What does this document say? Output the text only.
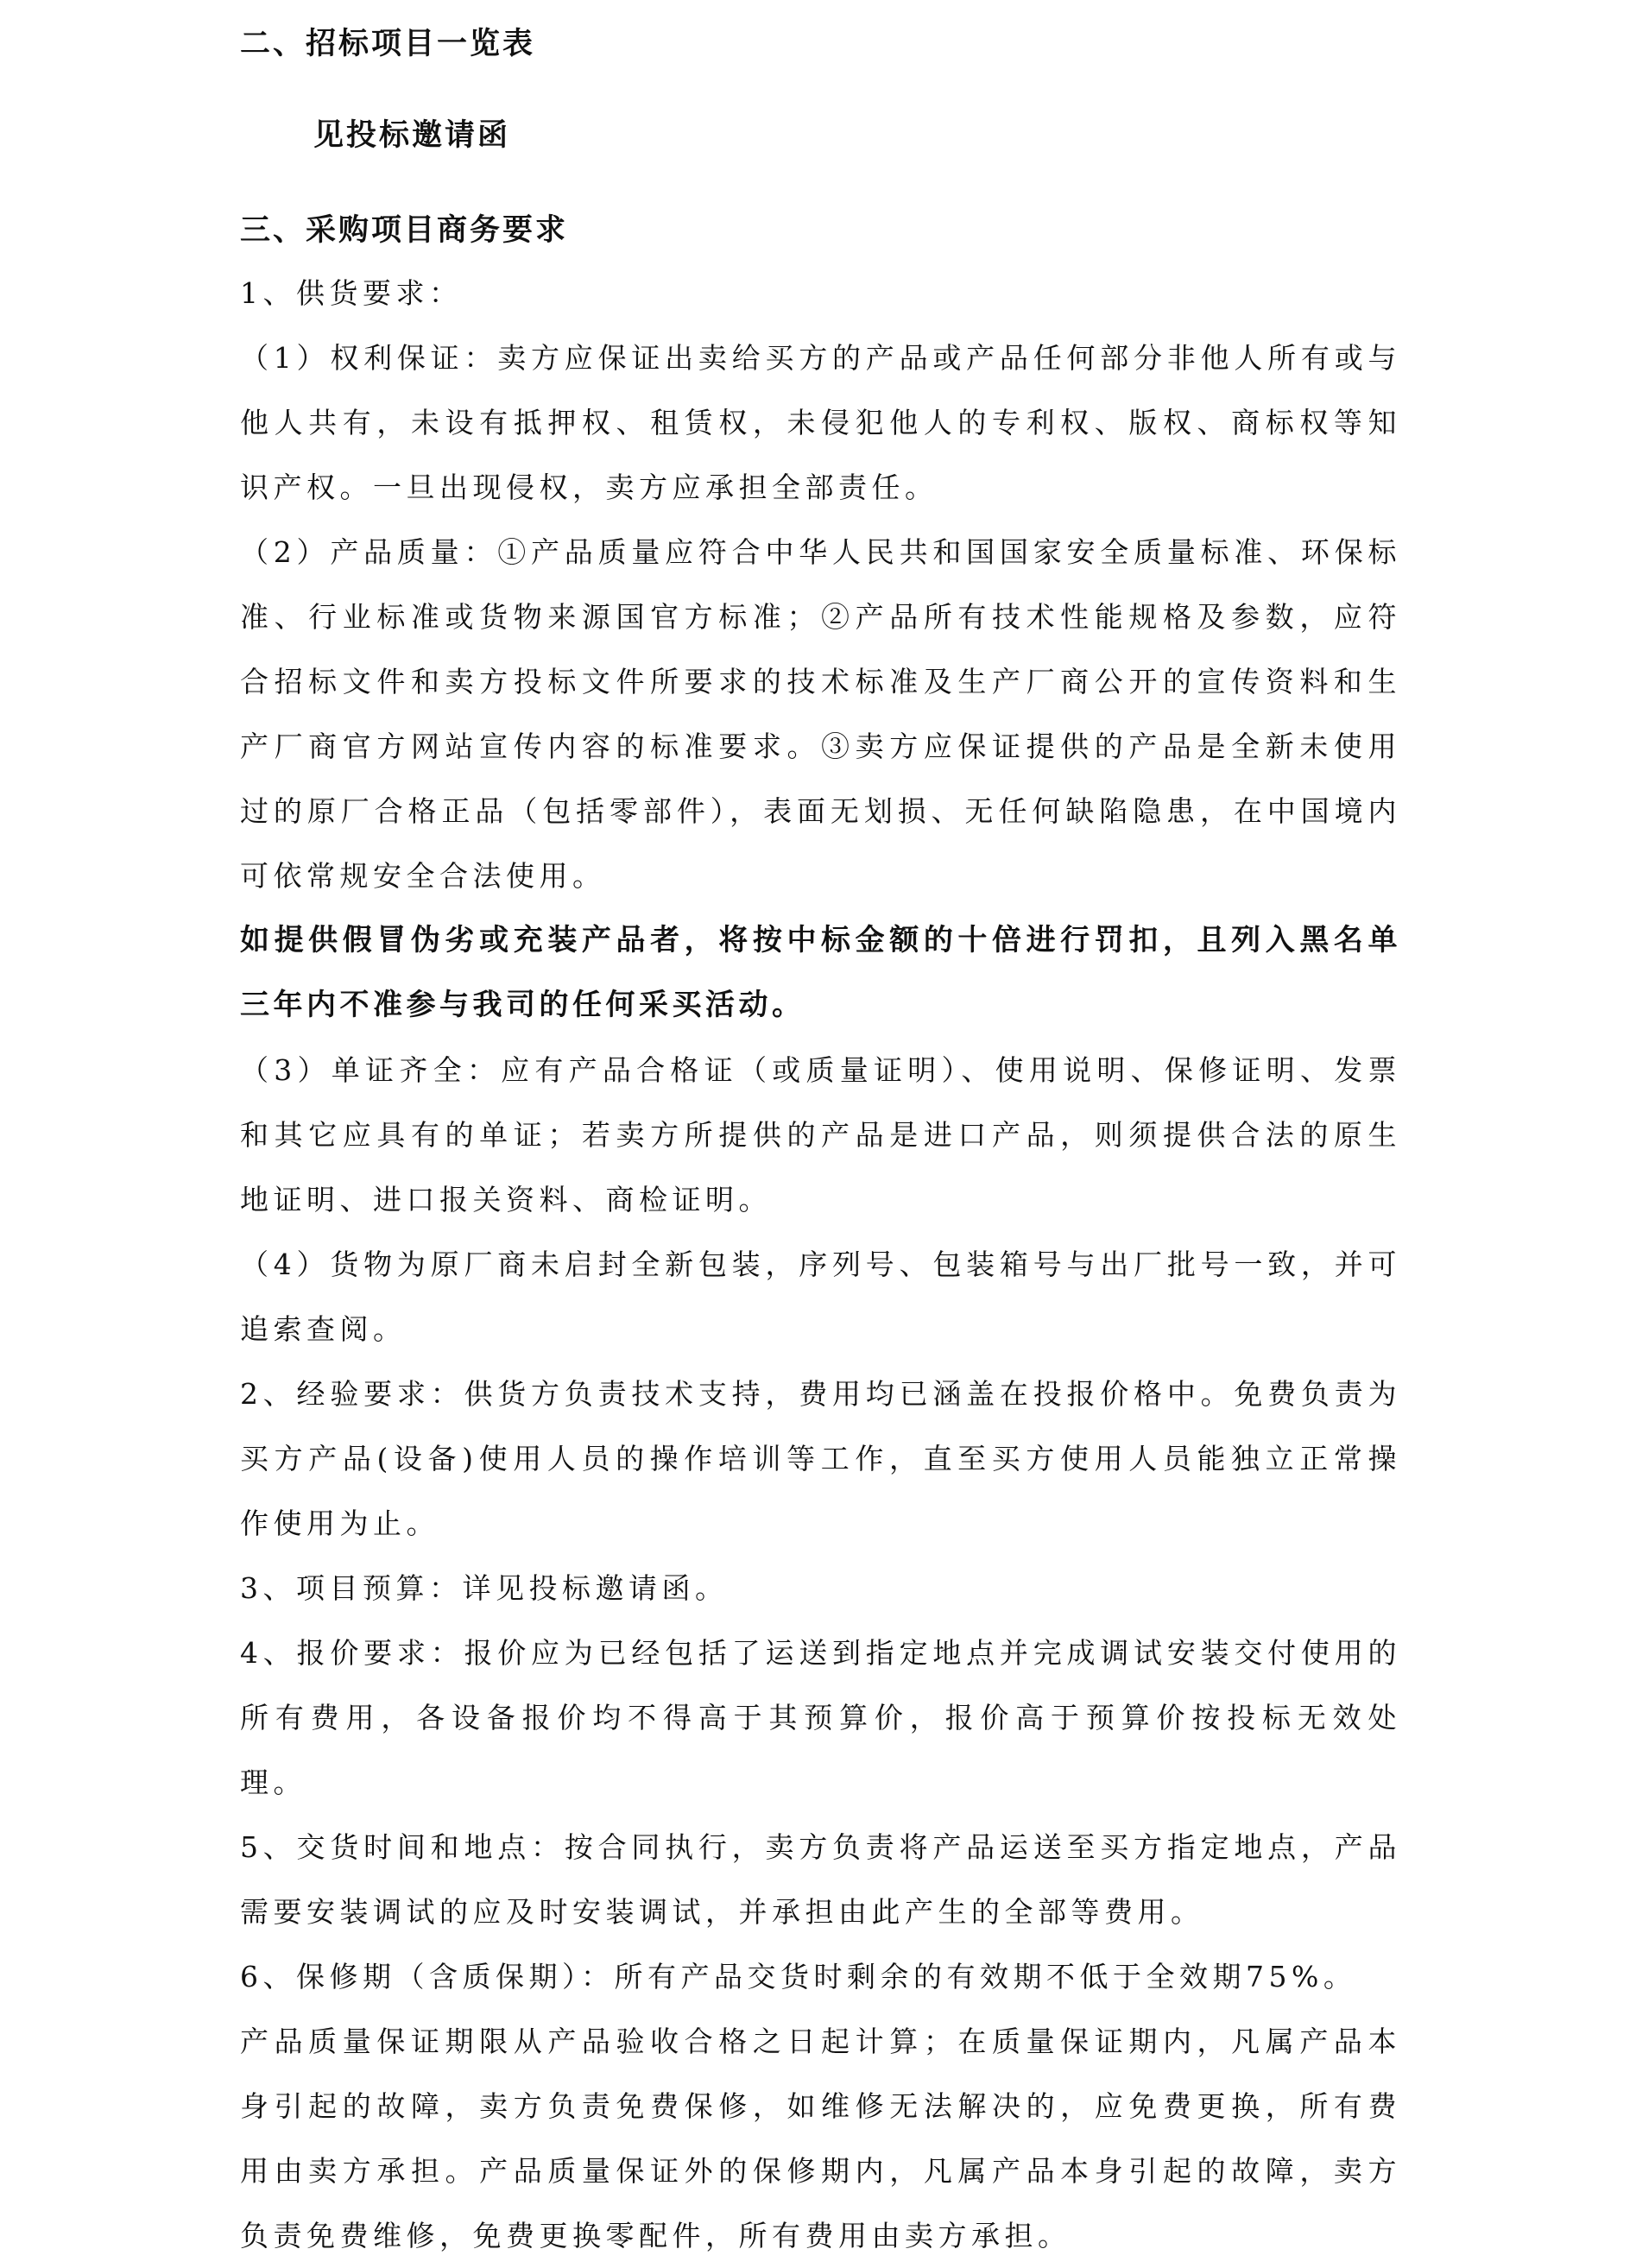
二、招标项目一览表

见投标邀请函

三、采购项目商务要求

1、供货要求：

（1）权利保证：卖方应保证出卖给买方的产品或产品任何部分非他人所有或与他人共有，未设有抵押权、租赁权，未侵犯他人的专利权、版权、商标权等知识产权。一旦出现侵权，卖方应承担全部责任。

（2）产品质量：①产品质量应符合中华人民共和国国家安全质量标准、环保标准、行业标准或货物来源国官方标准；②产品所有技术性能规格及参数，应符合招标文件和卖方投标文件所要求的技术标准及生产厂商公开的宣传资料和生产厂商官方网站宣传内容的标准要求。③卖方应保证提供的产品是全新未使用过的原厂合格正品（包括零部件），表面无划损、无任何缺陷隐患，在中国境内可依常规安全合法使用。

如提供假冒伪劣或充装产品者，将按中标金额的十倍进行罚扣，且列入黑名单三年内不准参与我司的任何采买活动。

（3）单证齐全：应有产品合格证（或质量证明）、使用说明、保修证明、发票和其它应具有的单证；若卖方所提供的产品是进口产品，则须提供合法的原生地证明、进口报关资料、商检证明。

（4）货物为原厂商未启封全新包装，序列号、包装箱号与出厂批号一致，并可追索查阅。

2、经验要求：供货方负责技术支持，费用均已涵盖在投报价格中。免费负责为买方产品(设备)使用人员的操作培训等工作，直至买方使用人员能独立正常操作使用为止。

3、项目预算：详见投标邀请函。

4、报价要求：报价应为已经包括了运送到指定地点并完成调试安装交付使用的所有费用，各设备报价均不得高于其预算价，报价高于预算价按投标无效处理。

5、交货时间和地点：按合同执行，卖方负责将产品运送至买方指定地点，产品需要安装调试的应及时安装调试，并承担由此产生的全部等费用。

6、保修期（含质保期）：所有产品交货时剩余的有效期不低于全效期75%。

产品质量保证期限从产品验收合格之日起计算；在质量保证期内，凡属产品本身引起的故障，卖方负责免费保修，如维修无法解决的，应免费更换，所有费用由卖方承担。产品质量保证外的保修期内，凡属产品本身引起的故障，卖方负责免费维修，免费更换零配件，所有费用由卖方承担。
